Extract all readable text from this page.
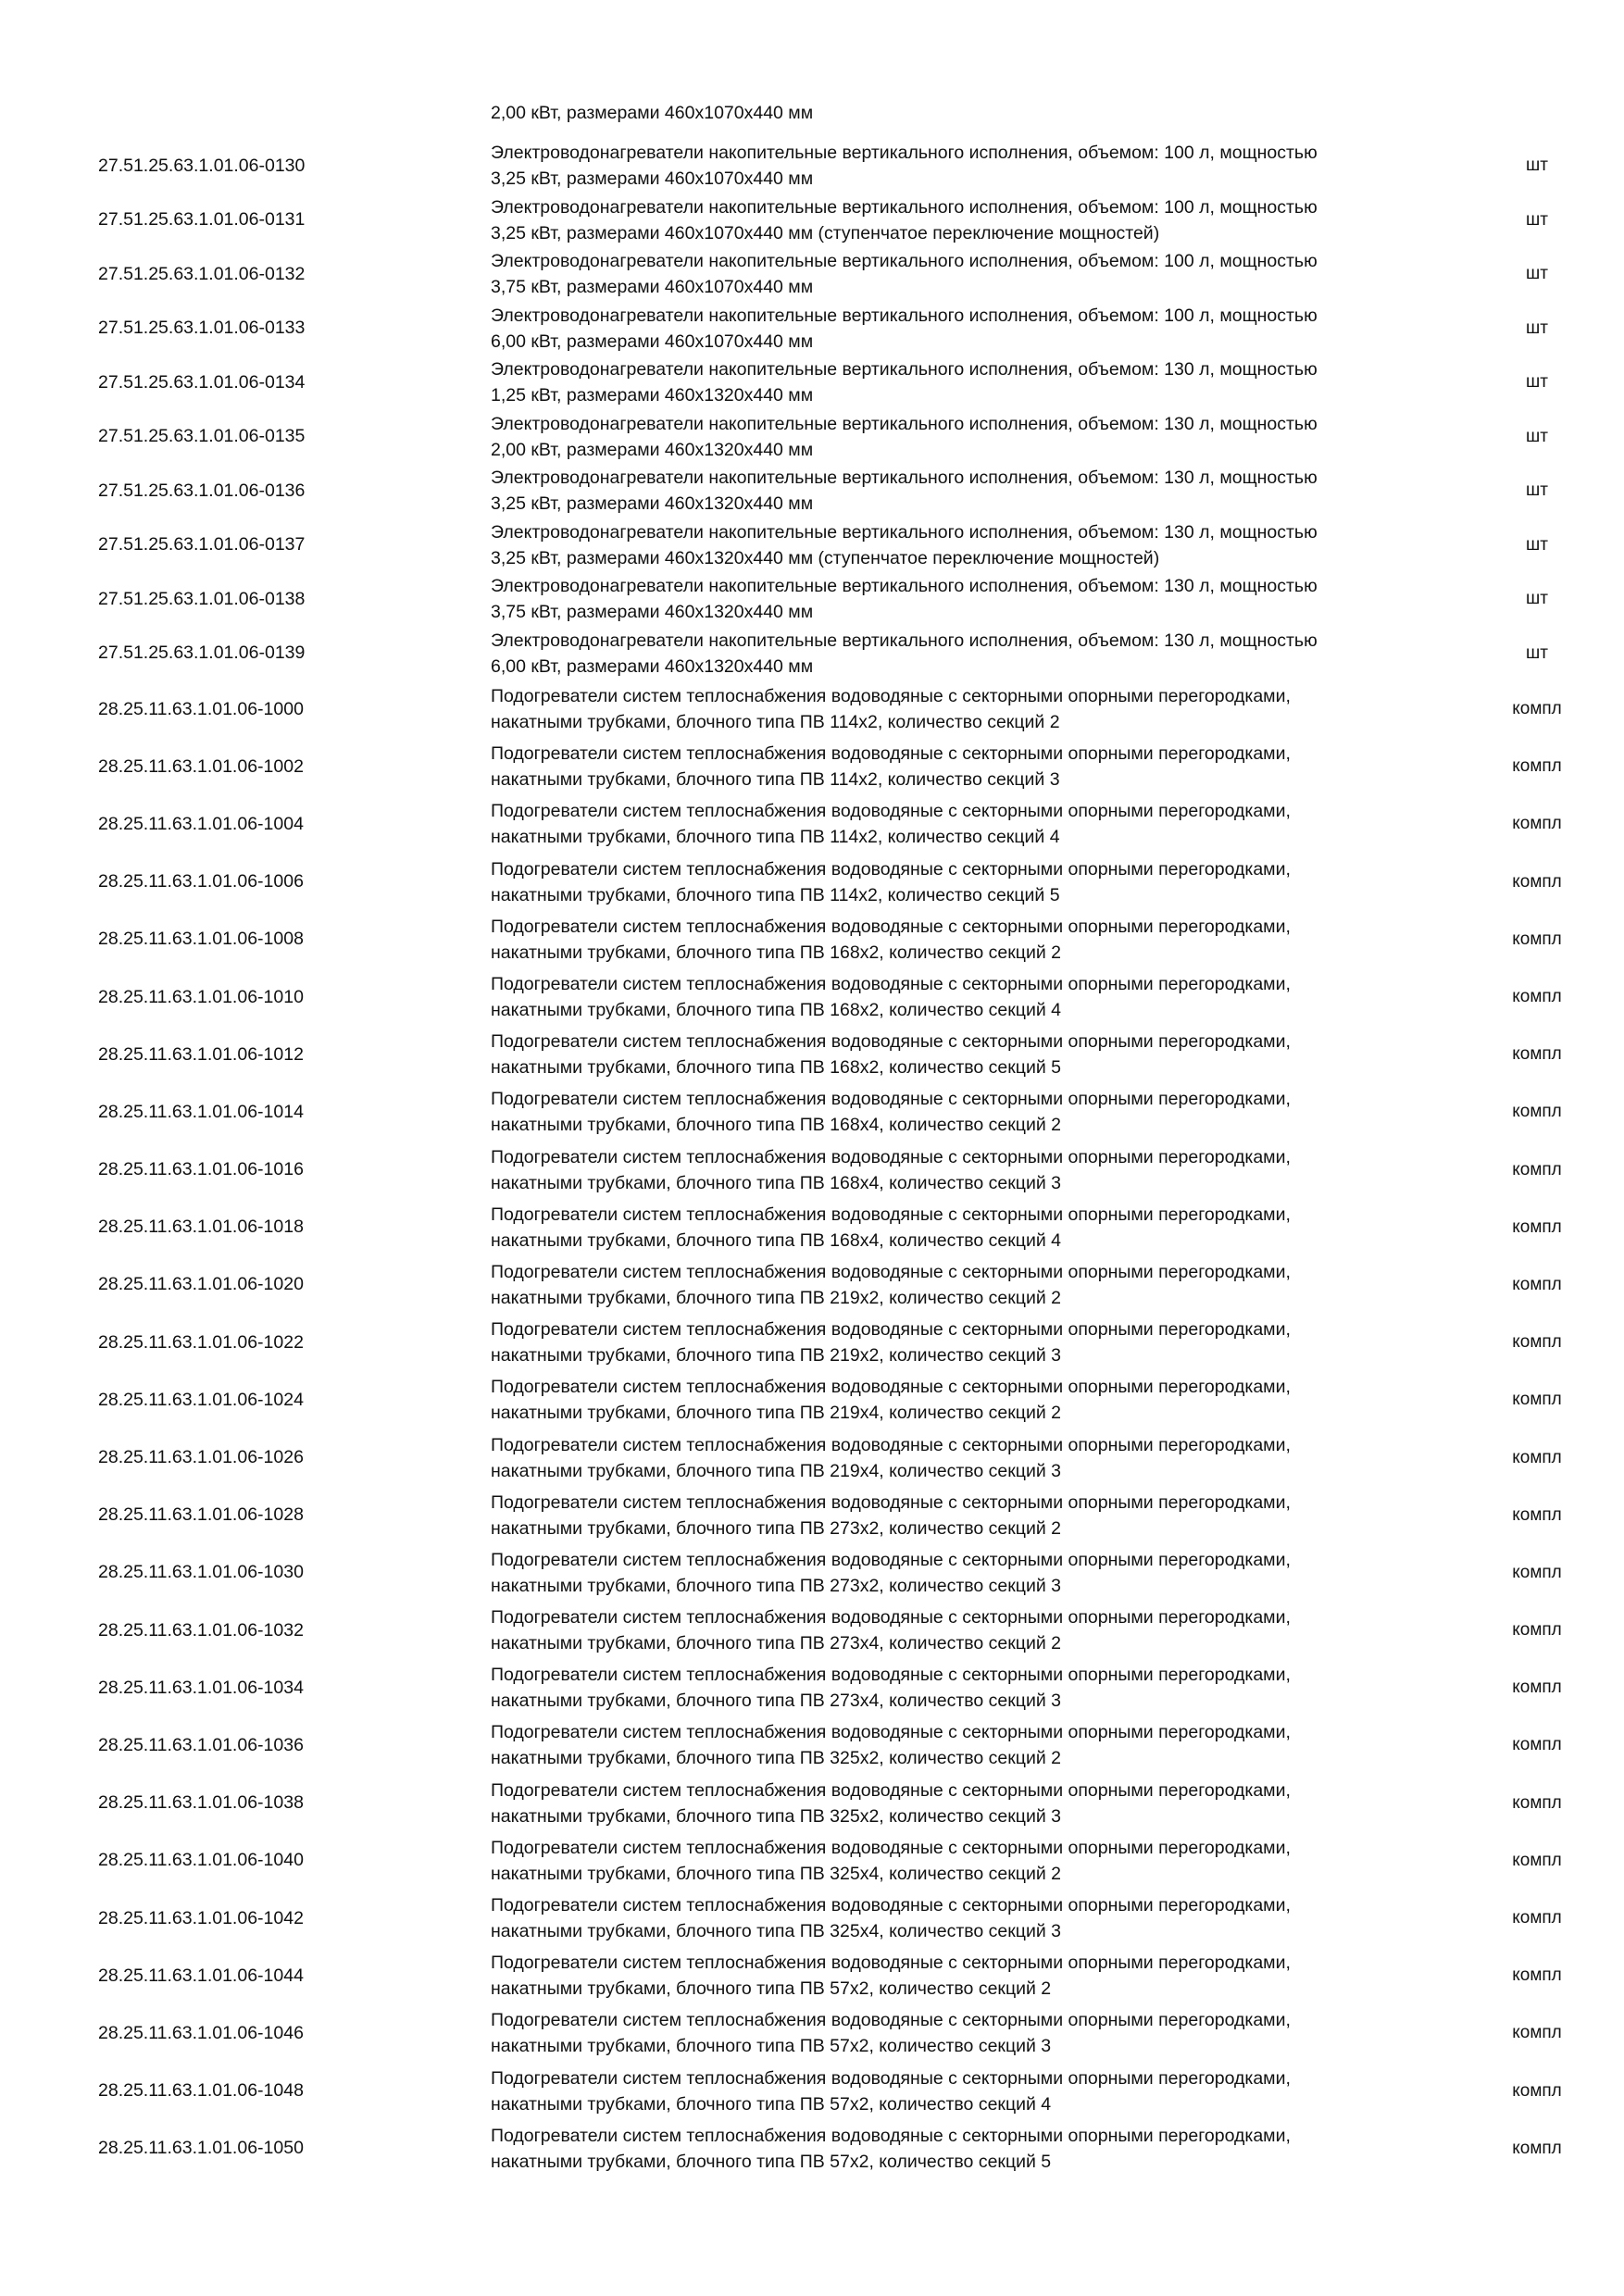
2,00 кВт, размерами 460х1070х440 мм
27.51.25.63.1.01.06-0130
Электроводонагреватели накопительные вертикального исполнения, объемом: 100 л, мощностью
3,25 кВт, размерами 460х1070х440 мм
шт
27.51.25.63.1.01.06-0131
Электроводонагреватели накопительные вертикального исполнения, объемом: 100 л, мощностью
3,25 кВт, размерами 460х1070х440 мм (ступенчатое переключение мощностей)
шт
27.51.25.63.1.01.06-0132
Электроводонагреватели накопительные вертикального исполнения, объемом: 100 л, мощностью
3,75 кВт, размерами 460х1070х440 мм
шт
27.51.25.63.1.01.06-0133
Электроводонагреватели накопительные вертикального исполнения, объемом: 100 л, мощностью
6,00 кВт, размерами 460х1070х440 мм
шт
27.51.25.63.1.01.06-0134
Электроводонагреватели накопительные вертикального исполнения, объемом: 130 л, мощностью
1,25 кВт, размерами 460х1320х440 мм
шт
27.51.25.63.1.01.06-0135
Электроводонагреватели накопительные вертикального исполнения, объемом: 130 л, мощностью
2,00 кВт, размерами 460х1320х440 мм
шт
27.51.25.63.1.01.06-0136
Электроводонагреватели накопительные вертикального исполнения, объемом: 130 л, мощностью
3,25 кВт, размерами 460х1320х440 мм
шт
27.51.25.63.1.01.06-0137
Электроводонагреватели накопительные вертикального исполнения, объемом: 130 л, мощностью
3,25 кВт, размерами 460х1320х440 мм (ступенчатое переключение мощностей)
шт
27.51.25.63.1.01.06-0138
Электроводонагреватели накопительные вертикального исполнения, объемом: 130 л, мощностью
3,75 кВт, размерами 460х1320х440 мм
шт
27.51.25.63.1.01.06-0139
Электроводонагреватели накопительные вертикального исполнения, объемом: 130 л, мощностью
6,00 кВт, размерами 460х1320х440 мм
шт
28.25.11.63.1.01.06-1000
Подогреватели систем теплоснабжения водоводяные с секторными опорными перегородками,
накатными трубками, блочного типа ПВ 114х2, количество секций 2
компл
28.25.11.63.1.01.06-1002
Подогреватели систем теплоснабжения водоводяные с секторными опорными перегородками,
накатными трубками, блочного типа ПВ 114х2, количество секций 3
компл
28.25.11.63.1.01.06-1004
Подогреватели систем теплоснабжения водоводяные с секторными опорными перегородками,
накатными трубками, блочного типа ПВ 114х2, количество секций 4
компл
28.25.11.63.1.01.06-1006
Подогреватели систем теплоснабжения водоводяные с секторными опорными перегородками,
накатными трубками, блочного типа ПВ 114х2, количество секций 5
компл
28.25.11.63.1.01.06-1008
Подогреватели систем теплоснабжения водоводяные с секторными опорными перегородками,
накатными трубками, блочного типа ПВ 168х2, количество секций 2
компл
28.25.11.63.1.01.06-1010
Подогреватели систем теплоснабжения водоводяные с секторными опорными перегородками,
накатными трубками, блочного типа ПВ 168х2, количество секций 4
компл
28.25.11.63.1.01.06-1012
Подогреватели систем теплоснабжения водоводяные с секторными опорными перегородками,
накатными трубками, блочного типа ПВ 168х2, количество секций 5
компл
28.25.11.63.1.01.06-1014
Подогреватели систем теплоснабжения водоводяные с секторными опорными перегородками,
накатными трубками, блочного типа ПВ 168х4, количество секций 2
компл
28.25.11.63.1.01.06-1016
Подогреватели систем теплоснабжения водоводяные с секторными опорными перегородками,
накатными трубками, блочного типа ПВ 168х4, количество секций 3
компл
28.25.11.63.1.01.06-1018
Подогреватели систем теплоснабжения водоводяные с секторными опорными перегородками,
накатными трубками, блочного типа ПВ 168х4, количество секций 4
компл
28.25.11.63.1.01.06-1020
Подогреватели систем теплоснабжения водоводяные с секторными опорными перегородками,
накатными трубками, блочного типа ПВ 219х2, количество секций 2
компл
28.25.11.63.1.01.06-1022
Подогреватели систем теплоснабжения водоводяные с секторными опорными перегородками,
накатными трубками, блочного типа ПВ 219х2, количество секций 3
компл
28.25.11.63.1.01.06-1024
Подогреватели систем теплоснабжения водоводяные с секторными опорными перегородками,
накатными трубками, блочного типа ПВ 219х4, количество секций 2
компл
28.25.11.63.1.01.06-1026
Подогреватели систем теплоснабжения водоводяные с секторными опорными перегородками,
накатными трубками, блочного типа ПВ 219х4, количество секций 3
компл
28.25.11.63.1.01.06-1028
Подогреватели систем теплоснабжения водоводяные с секторными опорными перегородками,
накатными трубками, блочного типа ПВ 273х2, количество секций 2
компл
28.25.11.63.1.01.06-1030
Подогреватели систем теплоснабжения водоводяные с секторными опорными перегородками,
накатными трубками, блочного типа ПВ 273х2, количество секций 3
компл
28.25.11.63.1.01.06-1032
Подогреватели систем теплоснабжения водоводяные с секторными опорными перегородками,
накатными трубками, блочного типа ПВ 273х4, количество секций 2
компл
28.25.11.63.1.01.06-1034
Подогреватели систем теплоснабжения водоводяные с секторными опорными перегородками,
накатными трубками, блочного типа ПВ 273х4, количество секций 3
компл
28.25.11.63.1.01.06-1036
Подогреватели систем теплоснабжения водоводяные с секторными опорными перегородками,
накатными трубками, блочного типа ПВ 325х2, количество секций 2
компл
28.25.11.63.1.01.06-1038
Подогреватели систем теплоснабжения водоводяные с секторными опорными перегородками,
накатными трубками, блочного типа ПВ 325х2, количество секций 3
компл
28.25.11.63.1.01.06-1040
Подогреватели систем теплоснабжения водоводяные с секторными опорными перегородками,
накатными трубками, блочного типа ПВ 325х4, количество секций 2
компл
28.25.11.63.1.01.06-1042
Подогреватели систем теплоснабжения водоводяные с секторными опорными перегородками,
накатными трубками, блочного типа ПВ 325х4, количество секций 3
компл
28.25.11.63.1.01.06-1044
Подогреватели систем теплоснабжения водоводяные с секторными опорными перегородками,
накатными трубками, блочного типа ПВ 57х2, количество секций 2
компл
28.25.11.63.1.01.06-1046
Подогреватели систем теплоснабжения водоводяные с секторными опорными перегородками,
накатными трубками, блочного типа ПВ 57х2, количество секций 3
компл
28.25.11.63.1.01.06-1048
Подогреватели систем теплоснабжения водоводяные с секторными опорными перегородками,
накатными трубками, блочного типа ПВ 57х2, количество секций 4
компл
28.25.11.63.1.01.06-1050
Подогреватели систем теплоснабжения водоводяные с секторными опорными перегородками,
накатными трубками, блочного типа ПВ 57х2, количество секций 5
компл
